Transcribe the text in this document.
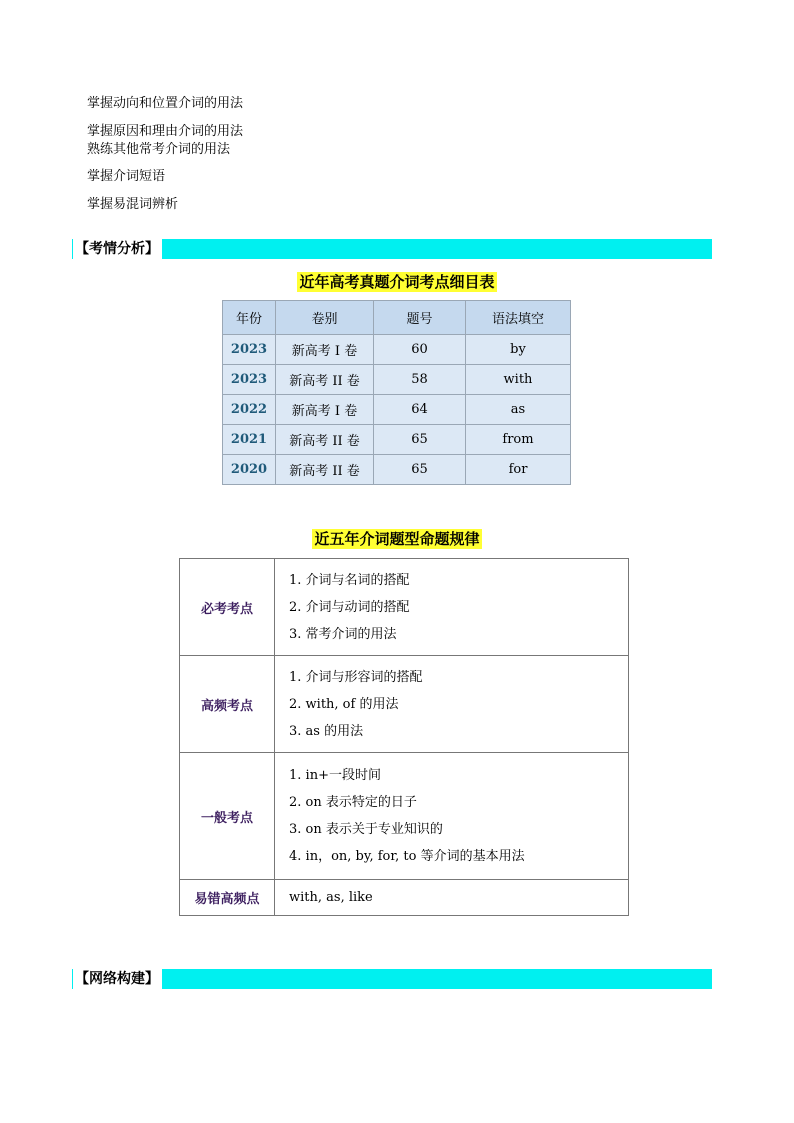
掌握动向和位置介词的用法
掌握原因和理由介词的用法
熟练其他常考介词的用法
掌握介词短语
掌握易混词辨析
【考情分析】
近年高考真题介词考点细目表
年份	卷别	题号	语法填空
2023	新高考 I 卷	60	by
2023	新高考 II 卷	58	with
2022	新高考 I 卷	64	as
2021	新高考 II 卷	65	from
2020	新高考 II 卷	65	for
近五年介词题型命题规律
必考考点	1. 介词与名词的搭配
2. 介词与动词的搭配
3. 常考介词的用法

高频考点	1. 介词与形容词的搭配
2. with, of 的用法
3. as 的用法

一般考点	1. in+一段时间
2. on 表示特定的日子
3. on 表示关于专业知识的
4. in，on, by, for, to 等介词的基本用法

易错高频点	with, as, like
【网络构建】
